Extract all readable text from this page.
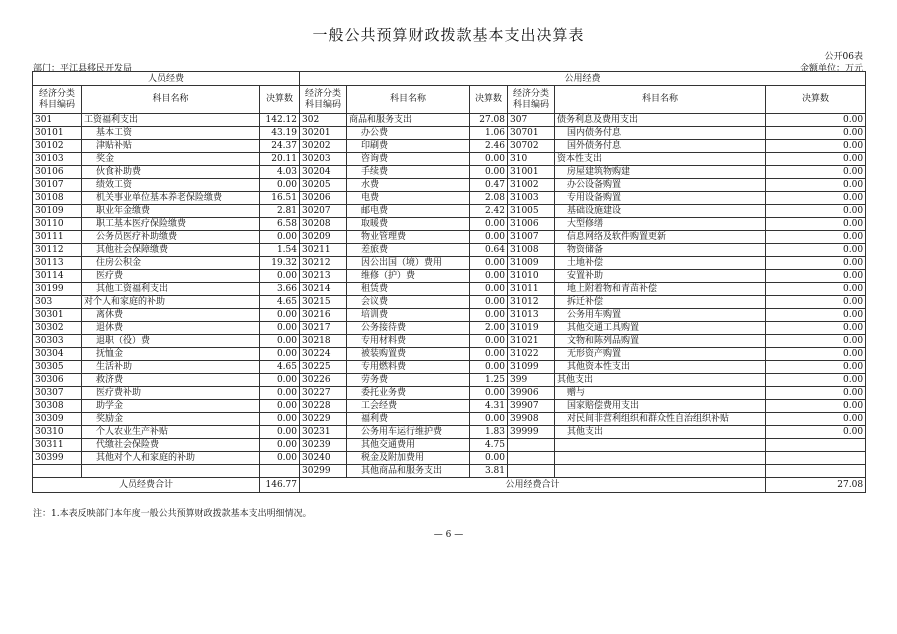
一般公共预算财政拨款基本支出决算表
公开06表
部门：平江县移民开发局	金额单位：万元
人员经费			公用经费					
经济分类科目编码	科目名称	决算数	经济分类科目编码	科目名称	决算数	经济分类科目编码	科目名称	决算数
301	工资福利支出	142.12	302	商品和服务支出	27.08	307	债务利息及费用支出	0.00
30101	基本工资	43.19	30201	办公费	1.06	30701	国内债务付息	0.00
30102	津贴补贴	24.37	30202	印刷费	2.46	30702	国外债务付息	0.00
30103	奖金	20.11	30203	咨询费	0.00	310	资本性支出	0.00
30106	伙食补助费	4.03	30204	手续费	0.00	31001	房屋建筑物购建	0.00
30107	绩效工资	0.00	30205	水费	0.47	31002	办公设备购置	0.00
30108	机关事业单位基本养老保险缴费	16.51	30206	电费	2.08	31003	专用设备购置	0.00
30109	职业年金缴费	2.81	30207	邮电费	2.42	31005	基础设施建设	0.00
30110	职工基本医疗保险缴费	6.58	30208	取暖费	0.00	31006	大型修缮	0.00
30111	公务员医疗补助缴费	0.00	30209	物业管理费	0.00	31007	信息网络及软件购置更新	0.00
30112	其他社会保障缴费	1.54	30211	差旅费	0.64	31008	物资储备	0.00
30113	住房公积金	19.32	30212	因公出国（境）费用	0.00	31009	土地补偿	0.00
30114	医疗费	0.00	30213	维修（护）费	0.00	31010	安置补助	0.00
30199	其他工资福利支出	3.66	30214	租赁费	0.00	31011	地上附着物和青苗补偿	0.00
303	对个人和家庭的补助	4.65	30215	会议费	0.00	31012	拆迁补偿	0.00
30301	离休费	0.00	30216	培训费	0.00	31013	公务用车购置	0.00
30302	退休费	0.00	30217	公务接待费	2.00	31019	其他交通工具购置	0.00
30303	退职（役）费	0.00	30218	专用材料费	0.00	31021	文物和陈列品购置	0.00
30304	抚恤金	0.00	30224	被装购置费	0.00	31022	无形资产购置	0.00
30305	生活补助	4.65	30225	专用燃料费	0.00	31099	其他资本性支出	0.00
30306	救济费	0.00	30226	劳务费	1.25	399	其他支出	0.00
30307	医疗费补助	0.00	30227	委托业务费	0.00	39906	赠与	0.00
30308	助学金	0.00	30228	工会经费	4.31	39907	国家赔偿费用支出	0.00
30309	奖励金	0.00	30229	福利费	0.00	39908	对民间非营利组织和群众性自治组织补贴	0.00
30310	个人农业生产补贴	0.00	30231	公务用车运行维护费	1.83	39999	其他支出	0.00
30311	代缴社会保险费	0.00	30239	其他交通费用	4.75			
30399	其他对个人和家庭的补助	0.00	30240	税金及附加费用	0.00			
			30299	其他商品和服务支出	3.81			
人员经费合计		146.77	公用经费合计					27.08
注：1.本表反映部门本年度一般公共预算财政拨款基本支出明细情况。
— 6 —
